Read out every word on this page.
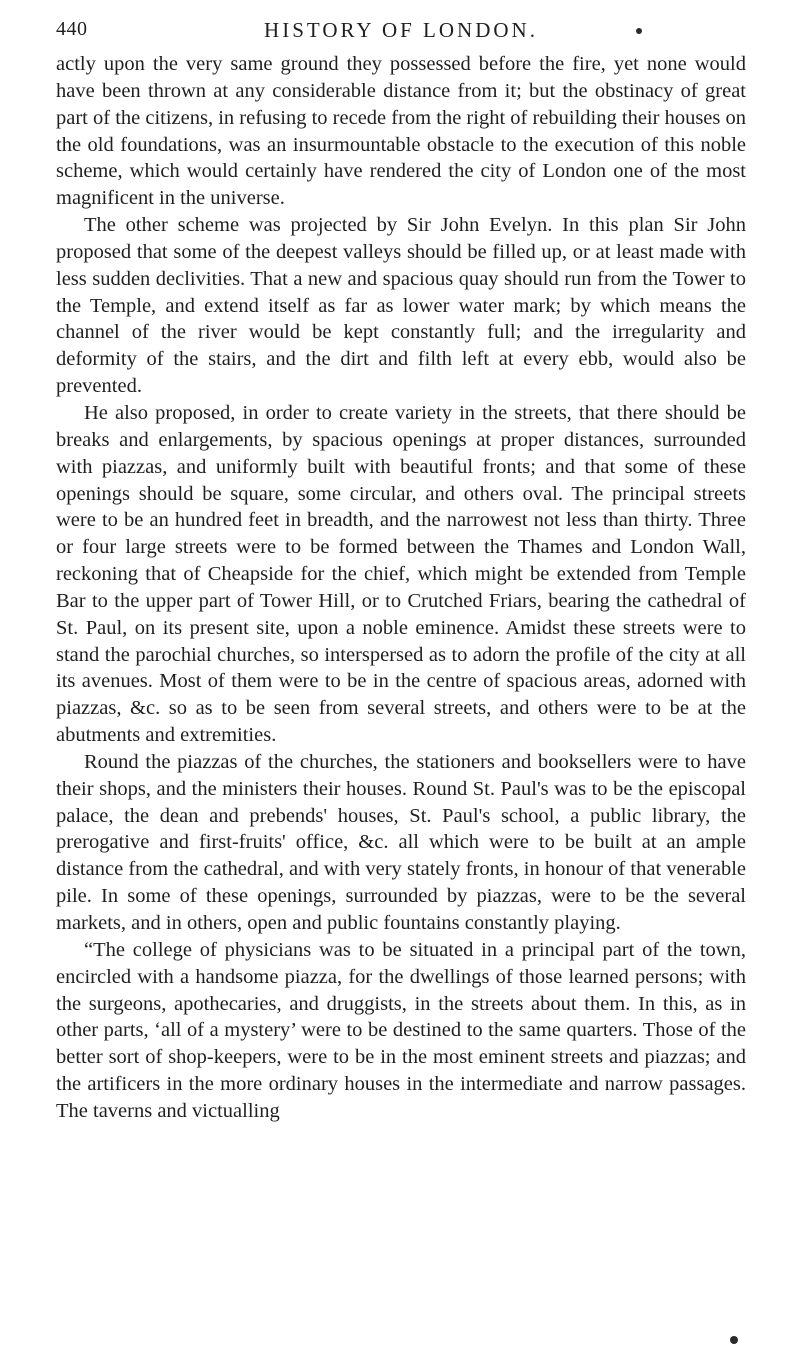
440	HISTORY OF LONDON.

actly upon the very same ground they possessed before the fire, yet none would have been thrown at any considerable distance from it; but the obstinacy of great part of the citizens, in refusing to recede from the right of rebuilding their houses on the old foundations, was an insurmountable obstacle to the execution of this noble scheme, which would certainly have rendered the city of London one of the most magnificent in the universe.

The other scheme was projected by Sir John Evelyn. In this plan Sir John proposed that some of the deepest valleys should be filled up, or at least made with less sudden declivities. That a new and spacious quay should run from the Tower to the Temple, and extend itself as far as lower water mark; by which means the channel of the river would be kept constantly full; and the irregularity and deformity of the stairs, and the dirt and filth left at every ebb, would also be prevented.

He also proposed, in order to create variety in the streets, that there should be breaks and enlargements, by spacious openings at proper distances, surrounded with piazzas, and uniformly built with beautiful fronts; and that some of these openings should be square, some circular, and others oval. The principal streets were to be an hundred feet in breadth, and the narrowest not less than thirty. Three or four large streets were to be formed between the Thames and London Wall, reckoning that of Cheapside for the chief, which might be extended from Temple Bar to the upper part of Tower Hill, or to Crutched Friars, bearing the cathedral of St. Paul, on its present site, upon a noble eminence. Amidst these streets were to stand the parochial churches, so interspersed as to adorn the profile of the city at all its avenues. Most of them were to be in the centre of spacious areas, adorned with piazzas, &c. so as to be seen from several streets, and others were to be at the abutments and extremities.

Round the piazzas of the churches, the stationers and booksellers were to have their shops, and the ministers their houses. Round St. Paul's was to be the episcopal palace, the dean and prebends' houses, St. Paul's school, a public library, the prerogative and first-fruits' office, &c. all which were to be built at an ample distance from the cathedral, and with very stately fronts, in honour of that venerable pile. In some of these openings, surrounded by piazzas, were to be the several markets, and in others, open and public fountains constantly playing.

“The college of physicians was to be situated in a principal part of the town, encircled with a handsome piazza, for the dwellings of those learned persons; with the surgeons, apothecaries, and druggists, in the streets about them. In this, as in other parts, ‘all of a mystery’ were to be destined to the same quarters. Those of the better sort of shop-keepers, were to be in the most eminent streets and piazzas; and the artificers in the more ordinary houses in the intermediate and narrow passages. The taverns and victualling
